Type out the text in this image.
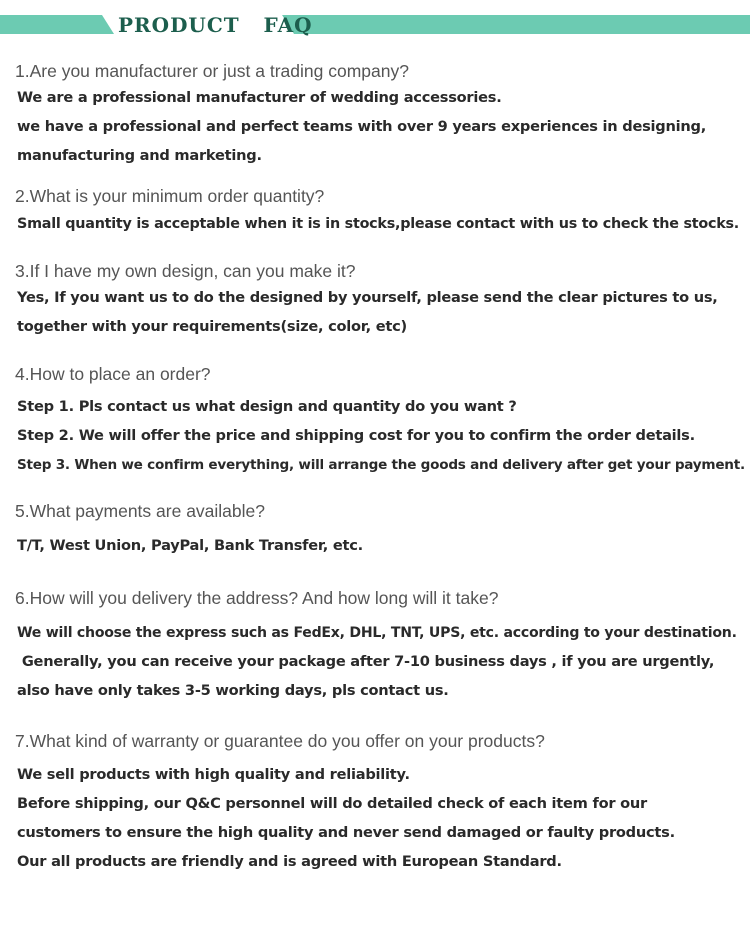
PRODUCT   FAQ

1.Are you manufacturer or just a trading company?

We are a professional manufacturer of wedding accessories.

we have a professional and perfect teams with over 9 years experiences in designing,

manufacturing and marketing.

2.What is your minimum order quantity?

Small quantity is acceptable when it is in stocks,please contact with us to check the stocks.

3.If I have my own design, can you make it?

Yes, If you want us to do the designed by yourself, please send the clear pictures to us,

together with your requirements(size, color, etc)

4.How to place an order?

Step 1. Pls contact us what design and quantity do you want ?

Step 2. We will offer the price and shipping cost for you to confirm the order details.

Step 3. When we confirm everything, will arrange the goods and delivery after get your payment.

5.What payments are available?

T/T, West Union, PayPal, Bank Transfer, etc.

6.How will you delivery the address? And how long will it take?

We will choose the express such as FedEx, DHL, TNT, UPS, etc. according to your destination.

Generally, you can receive your package after 7-10 business days , if you are urgently,

also have only takes 3-5 working days, pls contact us.

7.What kind of warranty or guarantee do you offer on your products?

We sell products with high quality and reliability.

Before shipping, our Q&C personnel will do detailed check of each item for our

customers to ensure the high quality and never send damaged or faulty products.

Our all products are friendly and is agreed with European Standard.
